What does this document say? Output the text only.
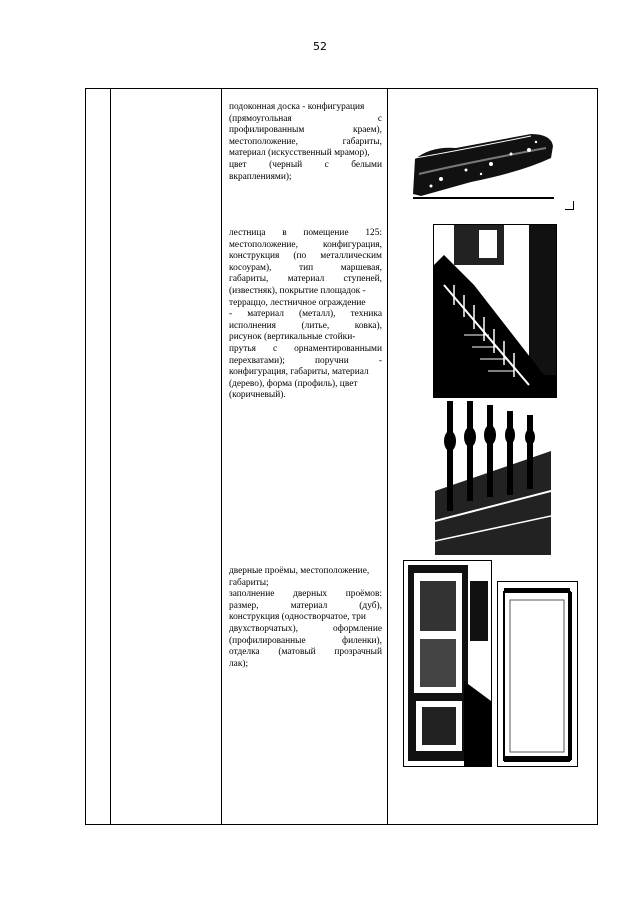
52
подоконная доска - конфигурация
(прямоугольная с
профилированным краем),
местоположение, габариты,
материал (искусственный мрамор),
цвет (черный с белыми
вкраплениями);
лестница в помещение 125:
местоположение, конфигурация,
конструкция (по металлическим
косоурам), тип маршевая,
габариты, материал ступеней,
(известняк), покрытие площадок -
терраццо, лестничное ограждение
- материал (металл), техника
исполнения (литье, ковка),
рисунок (вертикальные стойки-
прутья с орнаментированными
перехватами); поручни -
конфигурация, габариты, материал
(дерево), форма (профиль), цвет
(коричневый).
дверные проёмы, местоположение,
габариты;
заполнение дверных проёмов:
размер, материал (дуб),
конструкция (одностворчатое, три
двухстворчатых), оформление
(профилированные филенки),
отделка (матовый прозрачный
лак);
